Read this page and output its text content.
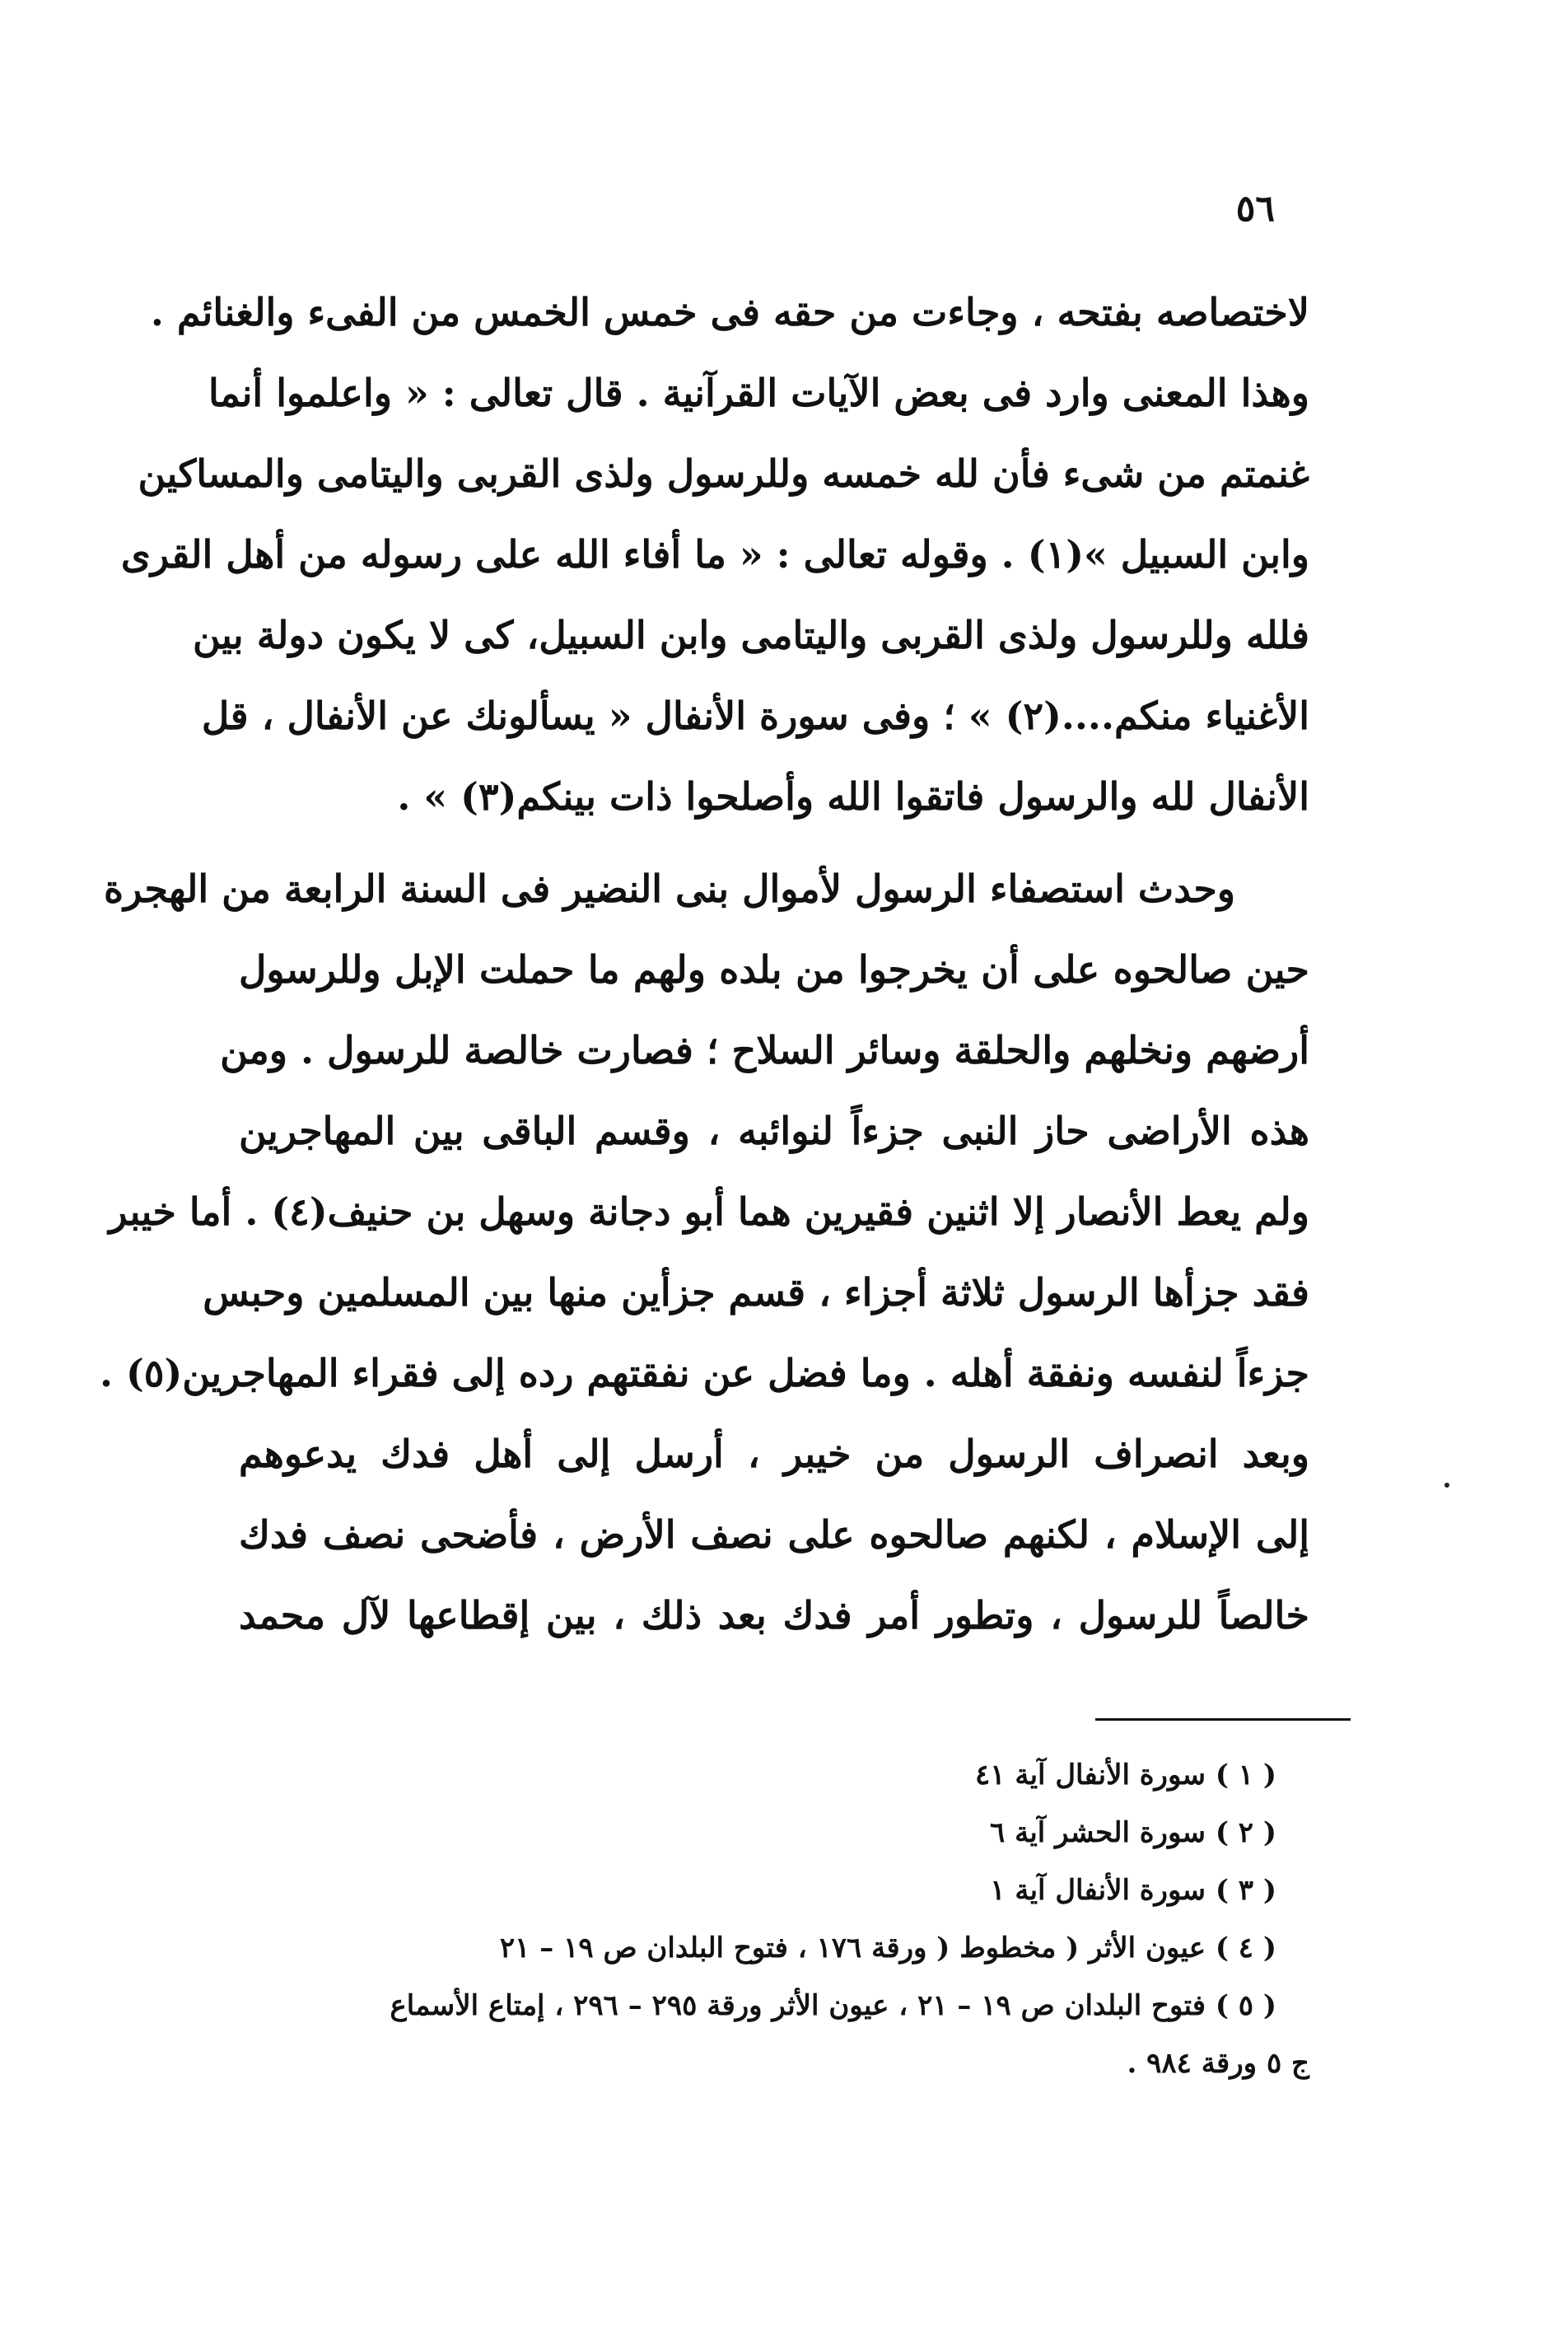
٥٦
لاختصاصه بفتحه ، وجاءت من حقه فى خمس الخمس من الفىء والغنائم .
وهذا المعنى وارد فى بعض الآيات القرآنية . قال تعالى : « واعلموا أنما
غنمتم من شىء فأن لله خمسه وللرسول ولذى القربى واليتامى والمساكين
وابن السبيل »(١) . وقوله تعالى : « ما أفاء الله على رسوله من أهل القرى
فلله وللرسول ولذى القربى واليتامى وابن السبيل، كى لا يكون دولة بين
الأغنياء منكم....(٢) » ؛ وفى سورة الأنفال « يسألونك عن الأنفال ، قل
الأنفال لله والرسول فاتقوا الله وأصلحوا ذات بينكم(٣) » .
وحدث استصفاء الرسول لأموال بنى النضير فى السنة الرابعة من الهجرة
حين صالحوه على أن يخرجوا من بلده ولهم ما حملت الإبل وللرسول
أرضهم ونخلهم والحلقة وسائر السلاح ؛ فصارت خالصة للرسول . ومن
هذه الأراضى حاز النبى جزءاً لنوائبه ، وقسم الباقى بين المهاجرين
ولم يعط الأنصار إلا اثنين فقيرين هما أبو دجانة وسهل بن حنيف(٤) . أما خيبر
فقد جزأها الرسول ثلاثة أجزاء ، قسم جزأين منها بين المسلمين وحبس
جزءاً لنفسه ونفقة أهله . وما فضل عن نفقتهم رده إلى فقراء المهاجرين(٥) .
وبعد انصراف الرسول من خيبر ، أرسل إلى أهل فدك يدعوهم
إلى الإسلام ، لكنهم صالحوه على نصف الأرض ، فأضحى نصف فدك
خالصاً للرسول ، وتطور أمر فدك بعد ذلك ، بين إقطاعها لآل محمد
( ١ ) سورة الأنفال آية ٤١
( ٢ ) سورة الحشر آية ٦
( ٣ ) سورة الأنفال آية ١
( ٤ ) عيون الأثر ( مخطوط ( ورقة ١٧٦ ، فتوح البلدان ص ١٩ – ٢١
( ٥ ) فتوح البلدان ص ١٩ – ٢١ ، عيون الأثر ورقة ٢٩٥ – ٢٩٦ ، إمتاع الأسماع
ج ٥ ورقة ٩٨٤ .
